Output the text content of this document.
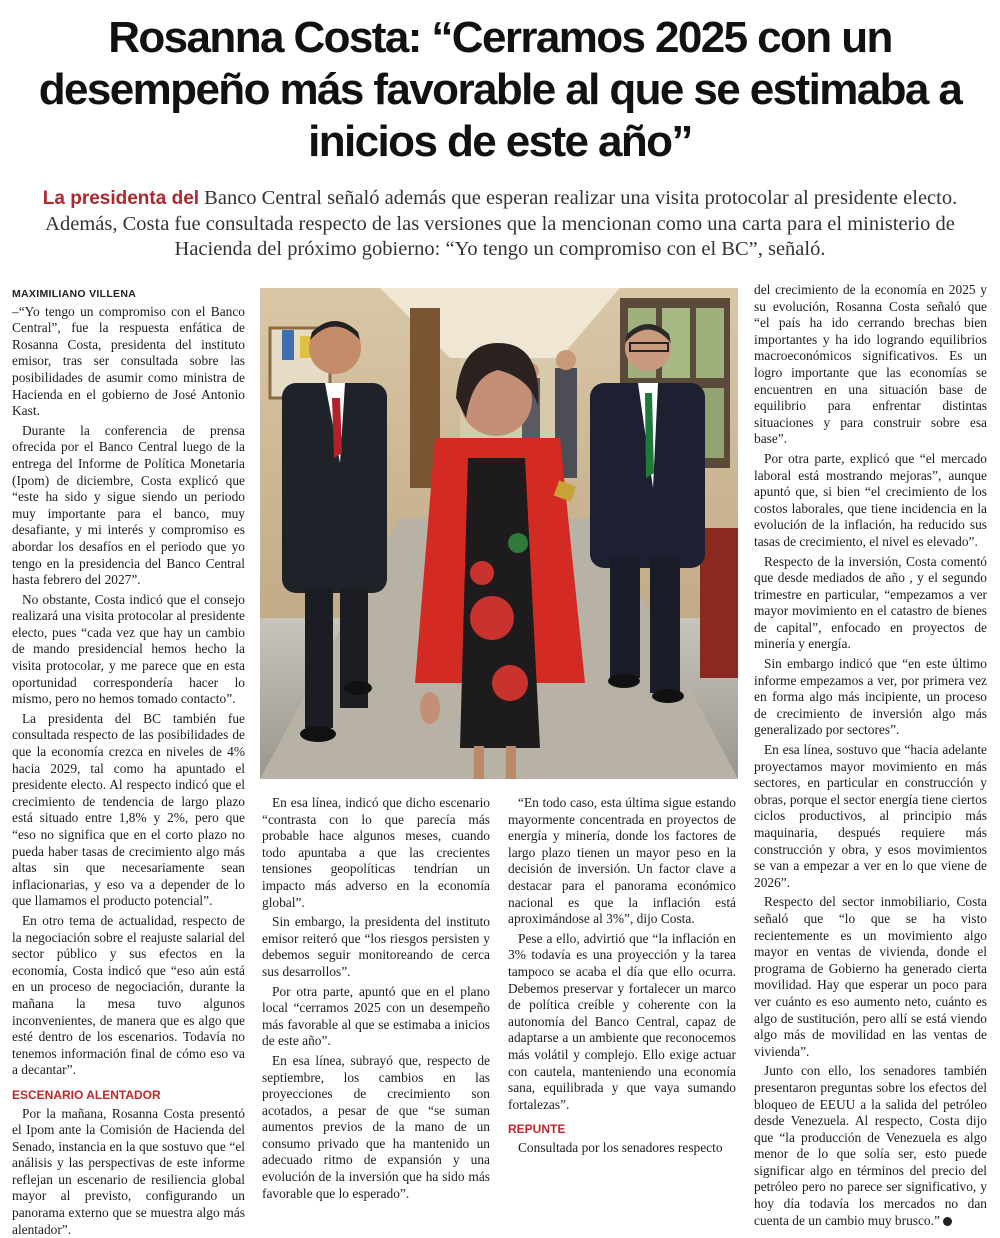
Rosanna Costa: “Cerramos 2025 con un desempeño más favorable al que se estimaba a inicios de este año”

La presidenta del Banco Central señaló además que esperan realizar una visita protocolar al presidente electo. Además, Costa fue consultada respecto de las versiones que la mencionan como una carta para el ministerio de Hacienda del próximo gobierno: “Yo tengo un compromiso con el BC”, señaló.

MAXIMILIANO VILLENA

–“Yo tengo un compromiso con el Banco Central”, fue la respuesta enfática de Rosanna Costa, presidenta del instituto emisor, tras ser consultada sobre las posibilidades de asumir como ministra de Hacienda en el gobierno de José Antonio Kast.

Durante la conferencia de prensa ofrecida por el Banco Central luego de la entrega del Informe de Política Monetaria (Ipom) de diciembre, Costa explicó que “este ha sido y sigue siendo un periodo muy importante para el banco, muy desafiante, y mi interés y compromiso es abordar los desafíos en el periodo que yo tengo en la presidencia del Banco Central hasta febrero del 2027”.

No obstante, Costa indicó que el consejo realizará una visita protocolar al presidente electo, pues “cada vez que hay un cambio de mando presidencial hemos hecho la visita protocolar, y me parece que en esta oportunidad correspondería hacer lo mismo, pero no hemos tomado contacto”.

La presidenta del BC también fue consultada respecto de las posibilidades de que la economía crezca en niveles de 4% hacia 2029, tal como ha apuntado el presidente electo. Al respecto indicó que el crecimiento de tendencia de largo plazo está situado entre 1,8% y 2%, pero que “eso no significa que en el corto plazo no pueda haber tasas de crecimiento algo más altas sin que necesariamente sean inflacionarias, y eso va a depender de lo que llamamos el producto potencial”.

En otro tema de actualidad, respecto de la negociación sobre el reajuste salarial del sector público y sus efectos en la economía, Costa indicó que “eso aún está en un proceso de negociación, durante la mañana la mesa tuvo algunos inconvenientes, de manera que es algo que esté dentro de los escenarios. Todavía no tenemos información final de cómo eso va a decantar”.

ESCENARIO ALENTADOR

Por la mañana, Rosanna Costa presentó el Ipom ante la Comisión de Hacienda del Senado, instancia en la que sostuvo que “el análisis y las perspectivas de este informe reflejan un escenario de resiliencia global mayor al previsto, configurando un panorama externo que se muestra algo más alentador”.

En esa línea, indicó que dicho escenario “contrasta con lo que parecía más probable hace algunos meses, cuando todo apuntaba a que las crecientes tensiones geopolíticas tendrían un impacto más adverso en la economía global”.

Sin embargo, la presidenta del instituto emisor reiteró que “los riesgos persisten y debemos seguir monitoreando de cerca sus desarrollos”.

Por otra parte, apuntó que en el plano local “cerramos 2025 con un desempeño más favorable al que se estimaba a inicios de este año”.

En esa línea, subrayó que, respecto de septiembre, los cambios en las proyecciones de crecimiento son acotados, a pesar de que “se suman aumentos previos de la mano de un consumo privado que ha mantenido un adecuado ritmo de expansión y una evolución de la inversión que ha sido más favorable que lo esperado”.

“En todo caso, esta última sigue estando mayormente concentrada en proyectos de energía y minería, donde los factores de largo plazo tienen un mayor peso en la decisión de inversión. Un factor clave a destacar para el panorama económico nacional es que la inflación está aproximándose al 3%”, dijo Costa.

Pese a ello, advirtió que “la inflación en 3% todavía es una proyección y la tarea tampoco se acaba el día que ello ocurra. Debemos preservar y fortalecer un marco de política creíble y coherente con la autonomía del Banco Central, capaz de adaptarse a un ambiente que reconocemos más volátil y complejo. Ello exige actuar con cautela, manteniendo una economía sana, equilibrada y que vaya sumando fortalezas”.

REPUNTE

Consultada por los senadores respecto

del crecimiento de la economía en 2025 y su evolución, Rosanna Costa señaló que “el país ha ido cerrando brechas bien importantes y ha ido logrando equilibrios macroeconómicos significativos. Es un logro importante que las economías se encuentren en una situación base de equilibrio para enfrentar distintas situaciones y para construir sobre esa base”.

Por otra parte, explicó que “el mercado laboral está mostrando mejoras”, aunque apuntó que, si bien “el crecimiento de los costos laborales, que tiene incidencia en la evolución de la inflación, ha reducido sus tasas de crecimiento, el nivel es elevado”.

Respecto de la inversión, Costa comentó que desde mediados de año , y el segundo trimestre en particular, “empezamos a ver mayor movimiento en el catastro de bienes de capital”, enfocado en proyectos de minería y energía.

Sin embargo indicó que “en este último informe empezamos a ver, por primera vez en forma algo más incipiente, un proceso de crecimiento de inversión algo más generalizado por sectores”.

En esa línea, sostuvo que “hacia adelante proyectamos mayor movimiento en más sectores, en particular en construcción y obras, porque el sector energía tiene ciertos ciclos productivos, al principio más maquinaria, después requiere más construcción y obra, y esos movimientos se van a empezar a ver en lo que viene de 2026”.

Respecto del sector inmobiliario, Costa señaló que “lo que se ha visto recientemente es un movimiento algo mayor en ventas de vivienda, donde el programa de Gobierno ha generado cierta movilidad. Hay que esperar un poco para ver cuánto es eso aumento neto, cuánto es algo de sustitución, pero allí se está viendo algo más de movilidad en las ventas de vivienda”.

Junto con ello, los senadores también presentaron preguntas sobre los efectos del bloqueo de EEUU a la salida del petróleo desde Venezuela. Al respecto, Costa dijo que “la producción de Venezuela es algo menor de lo que solía ser, esto puede significar algo en términos del precio del petróleo pero no parece ser significativo, y hoy día todavía los mercados no dan cuenta de un cambio muy brusco.”
